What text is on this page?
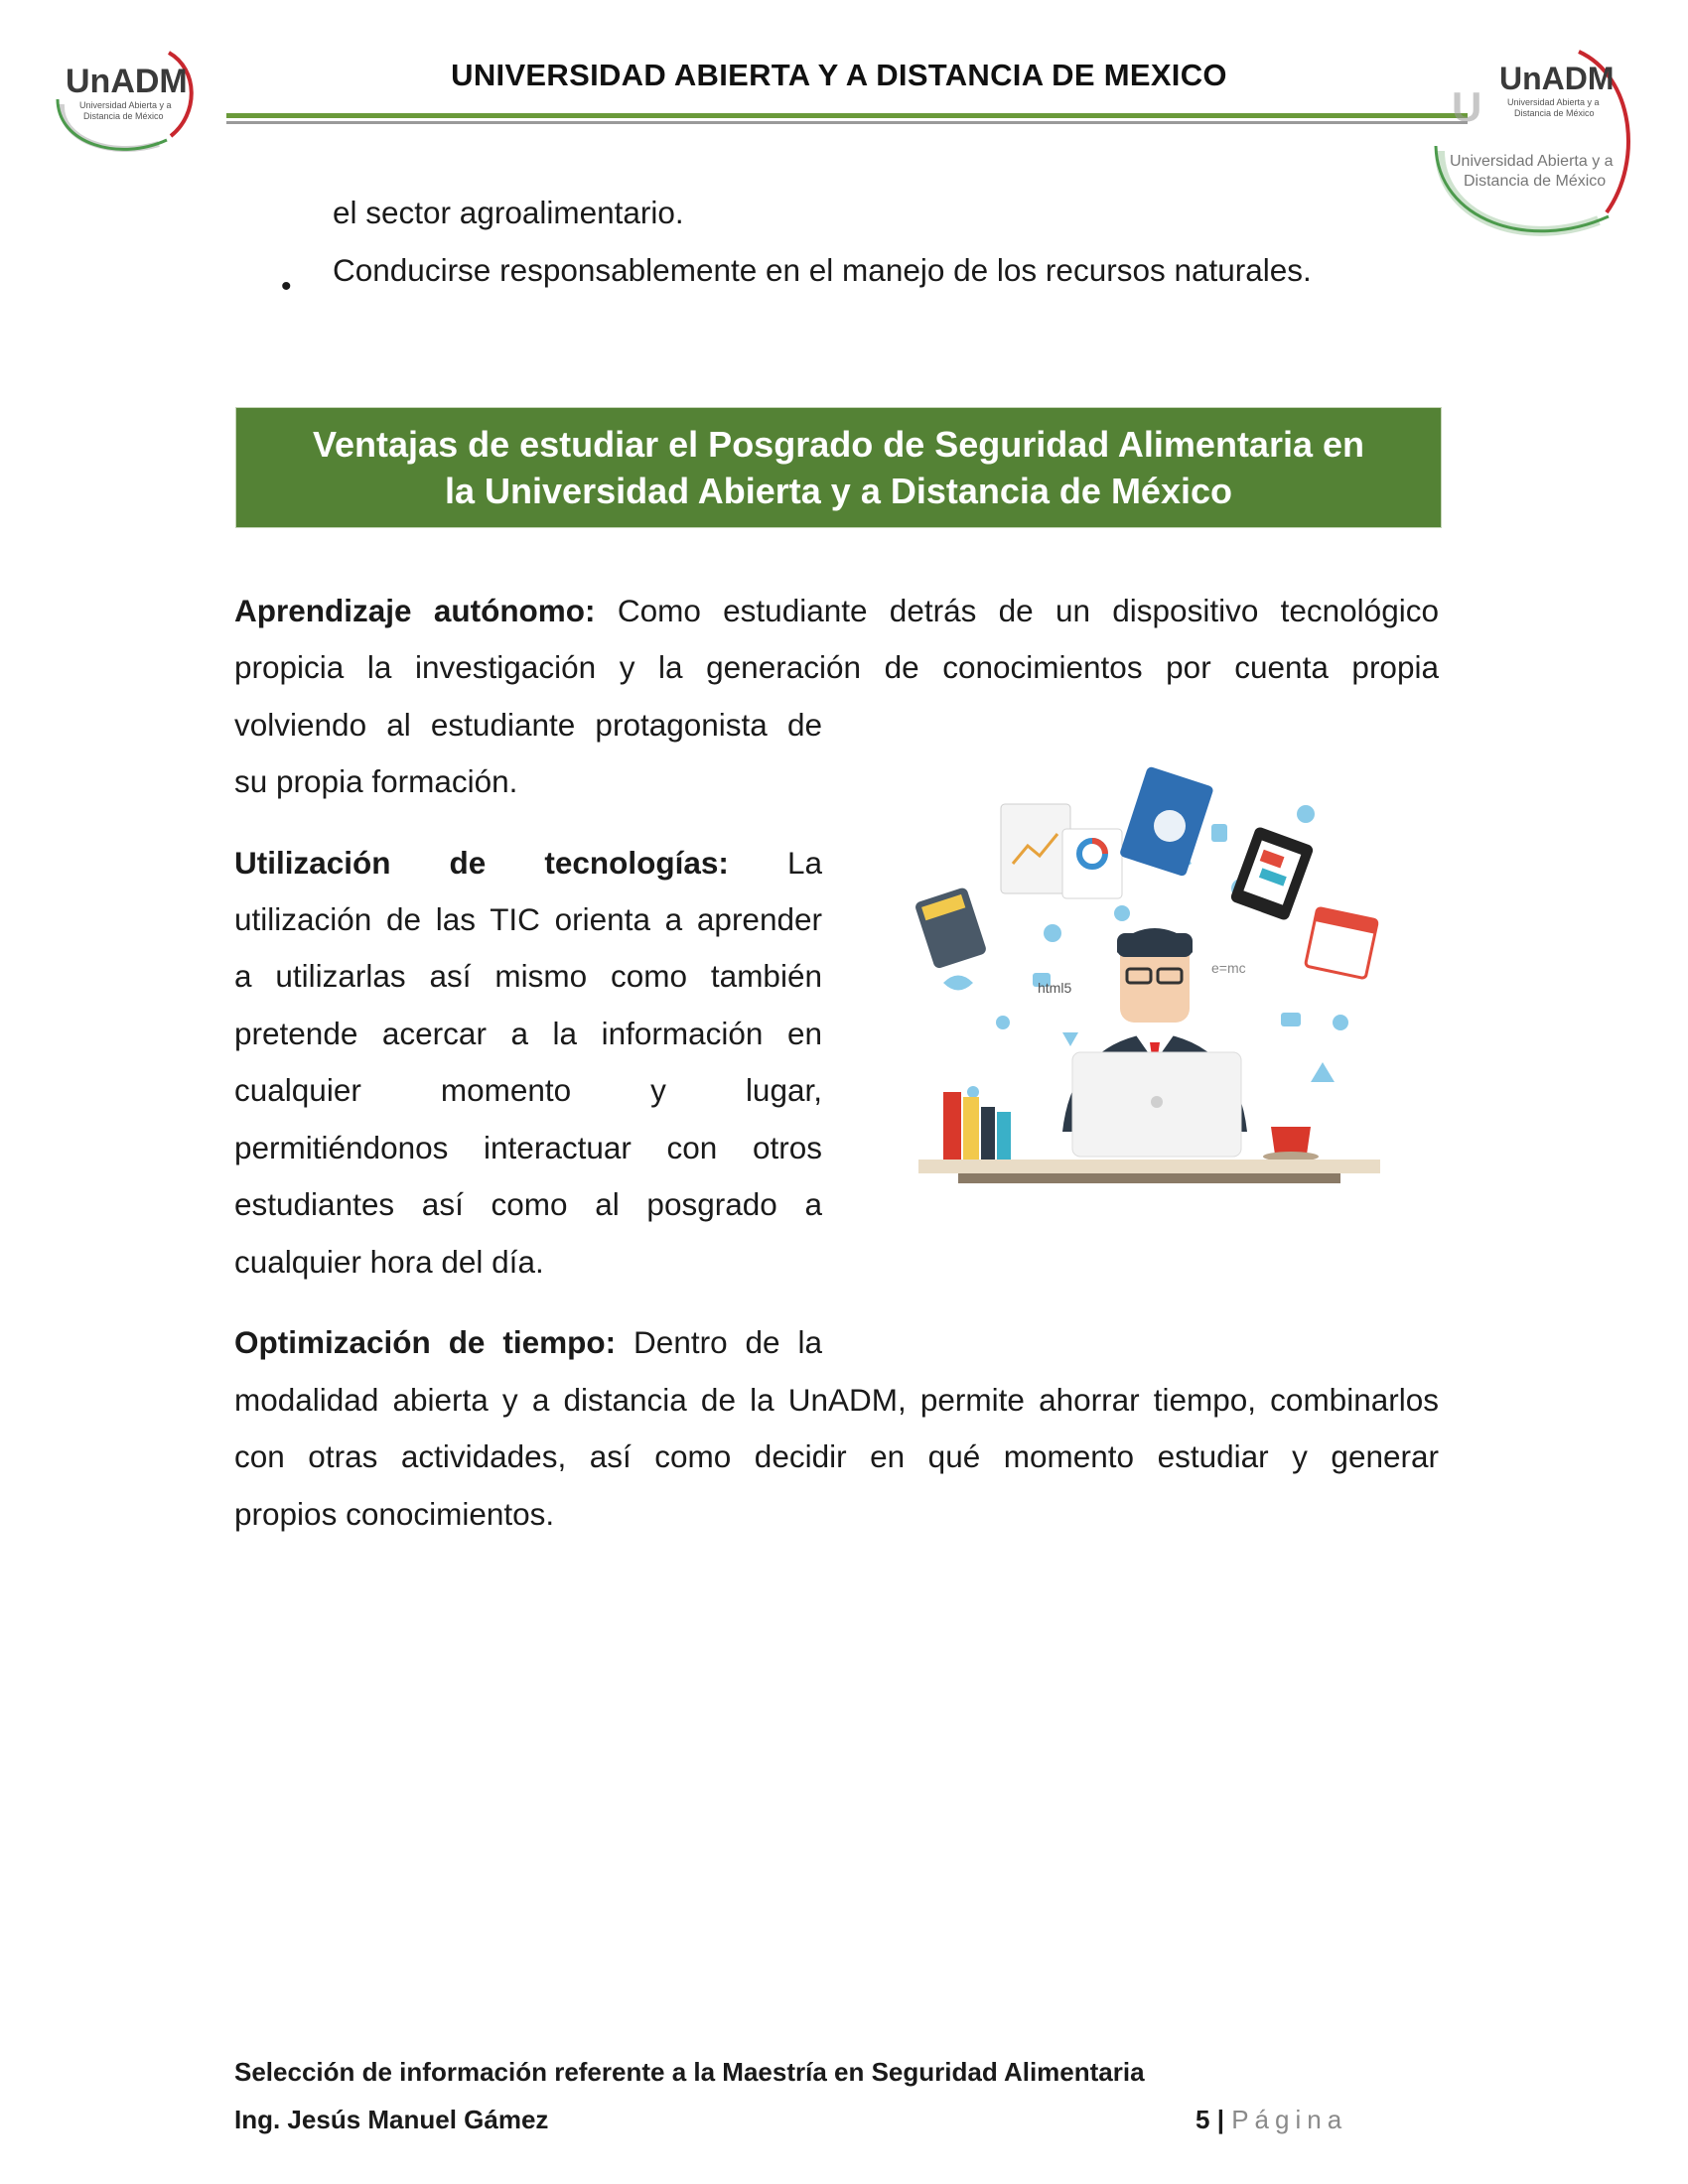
UnADM
Universidad Abierta y a
Distancia de México
UNIVERSIDAD ABIERTA Y A DISTANCIA DE MEXICO
U
UnADM
Universidad Abierta y a
Distancia de México
Universidad Abierta y a
Distancia de México
el sector agroalimentario.
• Conducirse responsablemente en el manejo de los recursos naturales.
Ventajas de estudiar el Posgrado de Seguridad Alimentaria en
la Universidad Abierta y a Distancia de México
Aprendizaje autónomo: Como estudiante detrás de un dispositivo tecnológico
propicia la investigación y la generación de conocimientos por cuenta propia
volviendo al estudiante protagonista de
su propia formación.
Utilización de tecnologías: La
utilización de las TIC orienta a aprender
a utilizarlas así mismo como también
pretende acercar a la información en
cualquier momento y lugar,
permitiéndonos interactuar con otros
estudiantes así como al posgrado a
cualquier hora del día.
Optimización de tiempo: Dentro de la
modalidad abierta y a distancia de la UnADM, permite ahorrar tiempo, combinarlos
con otras actividades, así como decidir en qué momento estudiar y generar
propios conocimientos.
html5
e=mc
Selección de información referente a la Maestría en Seguridad Alimentaria
Ing. Jesús Manuel Gámez	5 | Página
